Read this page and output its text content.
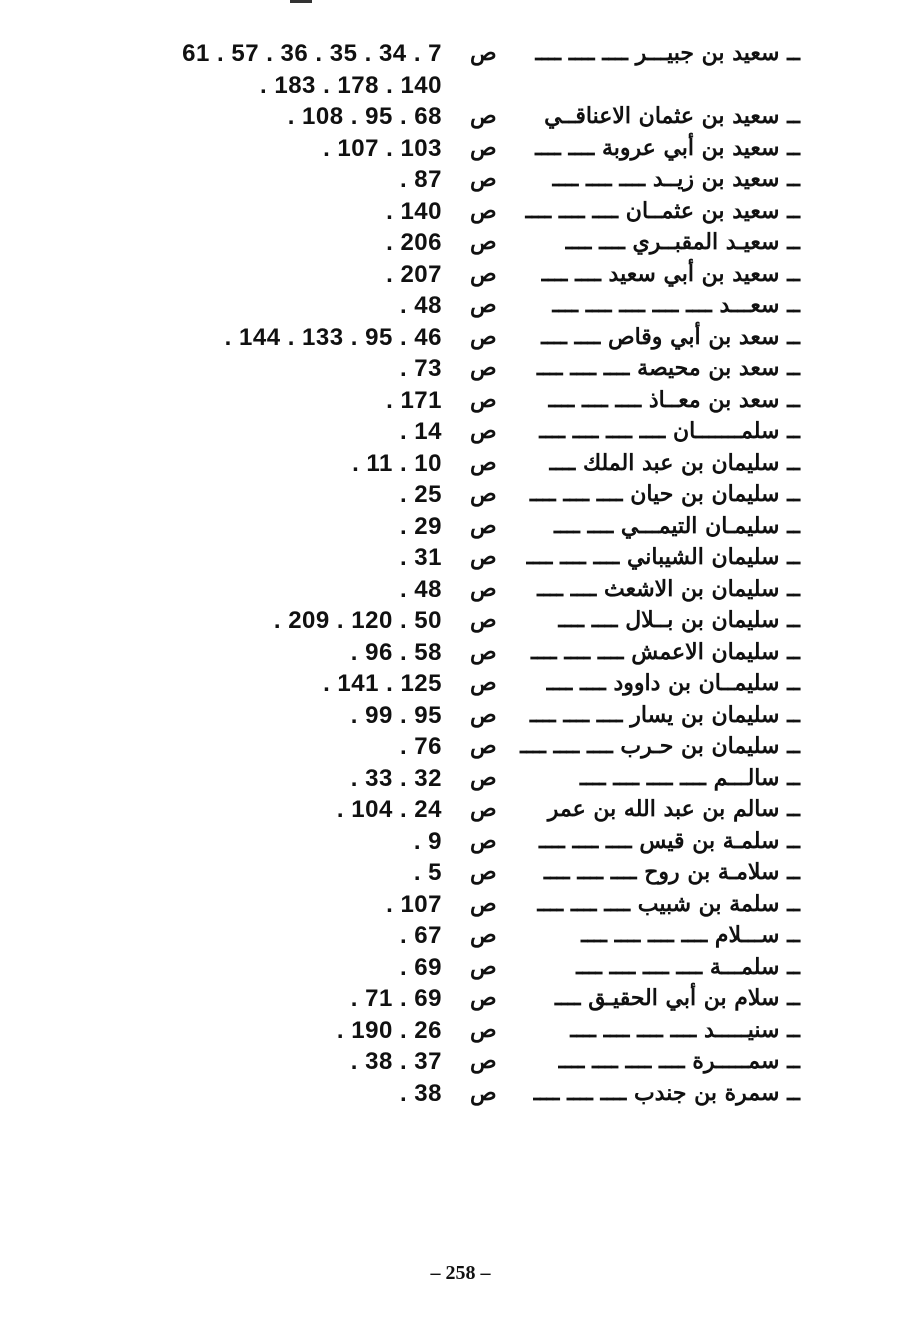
ــ سعيد بن جبيـــر ــــ ــــ ــــ
ص
61 . 57 . 36 . 35 . 34 . 7
. 183 . 178 . 140
ــ سعيد بن عثمان الاعناقــي
ص
. 108 . 95 . 68
ــ سعيد بن أبي عروبة ــــ ــــ
ص
. 107 . 103
ــ سعيد بن زيــد ــــ ــــ ــــ
ص
. 87
ــ سعيد بن عثمــان ــــ ــــ ــــ
ص
. 140
ــ سعيـد المقبــري ــــ ــــ
ص
. 206
ــ سعيد بن أبي سعيد ــــ ــــ
ص
. 207
ــ سعـــد ــــ ــــ ــــ ــــ ــــ
ص
. 48
ــ سعد بن أبي وقاص ــــ ــــ
ص
. 144 . 133 . 95 . 46
ــ سعد بن محيصة ــــ ــــ ــــ
ص
. 73
ــ سعد بن معــاذ ــــ ــــ ــــ
ص
. 171
ــ سلمـــــــان ــــ ــــ ــــ ــــ
ص
. 14
ــ سليمان بن عبد الملك ــــ
ص
. 11 . 10
ــ سليمان بن حيان ــــ ــــ ــــ
ص
. 25
ــ سليمـان التيمـــي ــــ ــــ
ص
. 29
ــ سليمان الشيباني ــــ ــــ ــــ
ص
. 31
ــ سليمان بن الاشعث ــــ ــــ
ص
. 48
ــ سليمان بن بــلال ــــ ــــ
ص
. 209 . 120 . 50
ــ سليمان الاعمش ــــ ــــ ــــ
ص
. 96 . 58
ــ سليمــان بن داوود ــــ ــــ
ص
. 141 . 125
ــ سليمان بن يسار ــــ ــــ ــــ
ص
. 99 . 95
ــ سليمان بن حـرب ــــ ــــ ــــ
ص
. 76
ــ سالـــم ــــ ــــ ــــ ــــ
ص
. 33 . 32
ــ سالم بن عبد الله بن عمر
ص
. 104 . 24
ــ سلمـة بن قيس ــــ ــــ ــــ
ص
. 9
ــ سلامـة بن روح ــــ ــــ ــــ
ص
. 5
ــ سلمة بن شبيب ــــ ــــ ــــ
ص
. 107
ــ ســـلام ــــ ــــ ــــ ــــ
ص
. 67
ــ سلمـــة ــــ ــــ ــــ ــــ
ص
. 69
ــ سلام بن أبي الحقيـق ــــ
ص
. 71 . 69
ــ سنيـــــد ــــ ــــ ــــ ــــ
ص
. 190 . 26
ــ سمـــــرة ــــ ــــ ــــ ــــ
ص
. 38 . 37
ــ سمرة بن جندب ــــ ــــ ــــ
ص
. 38
– 258 –
